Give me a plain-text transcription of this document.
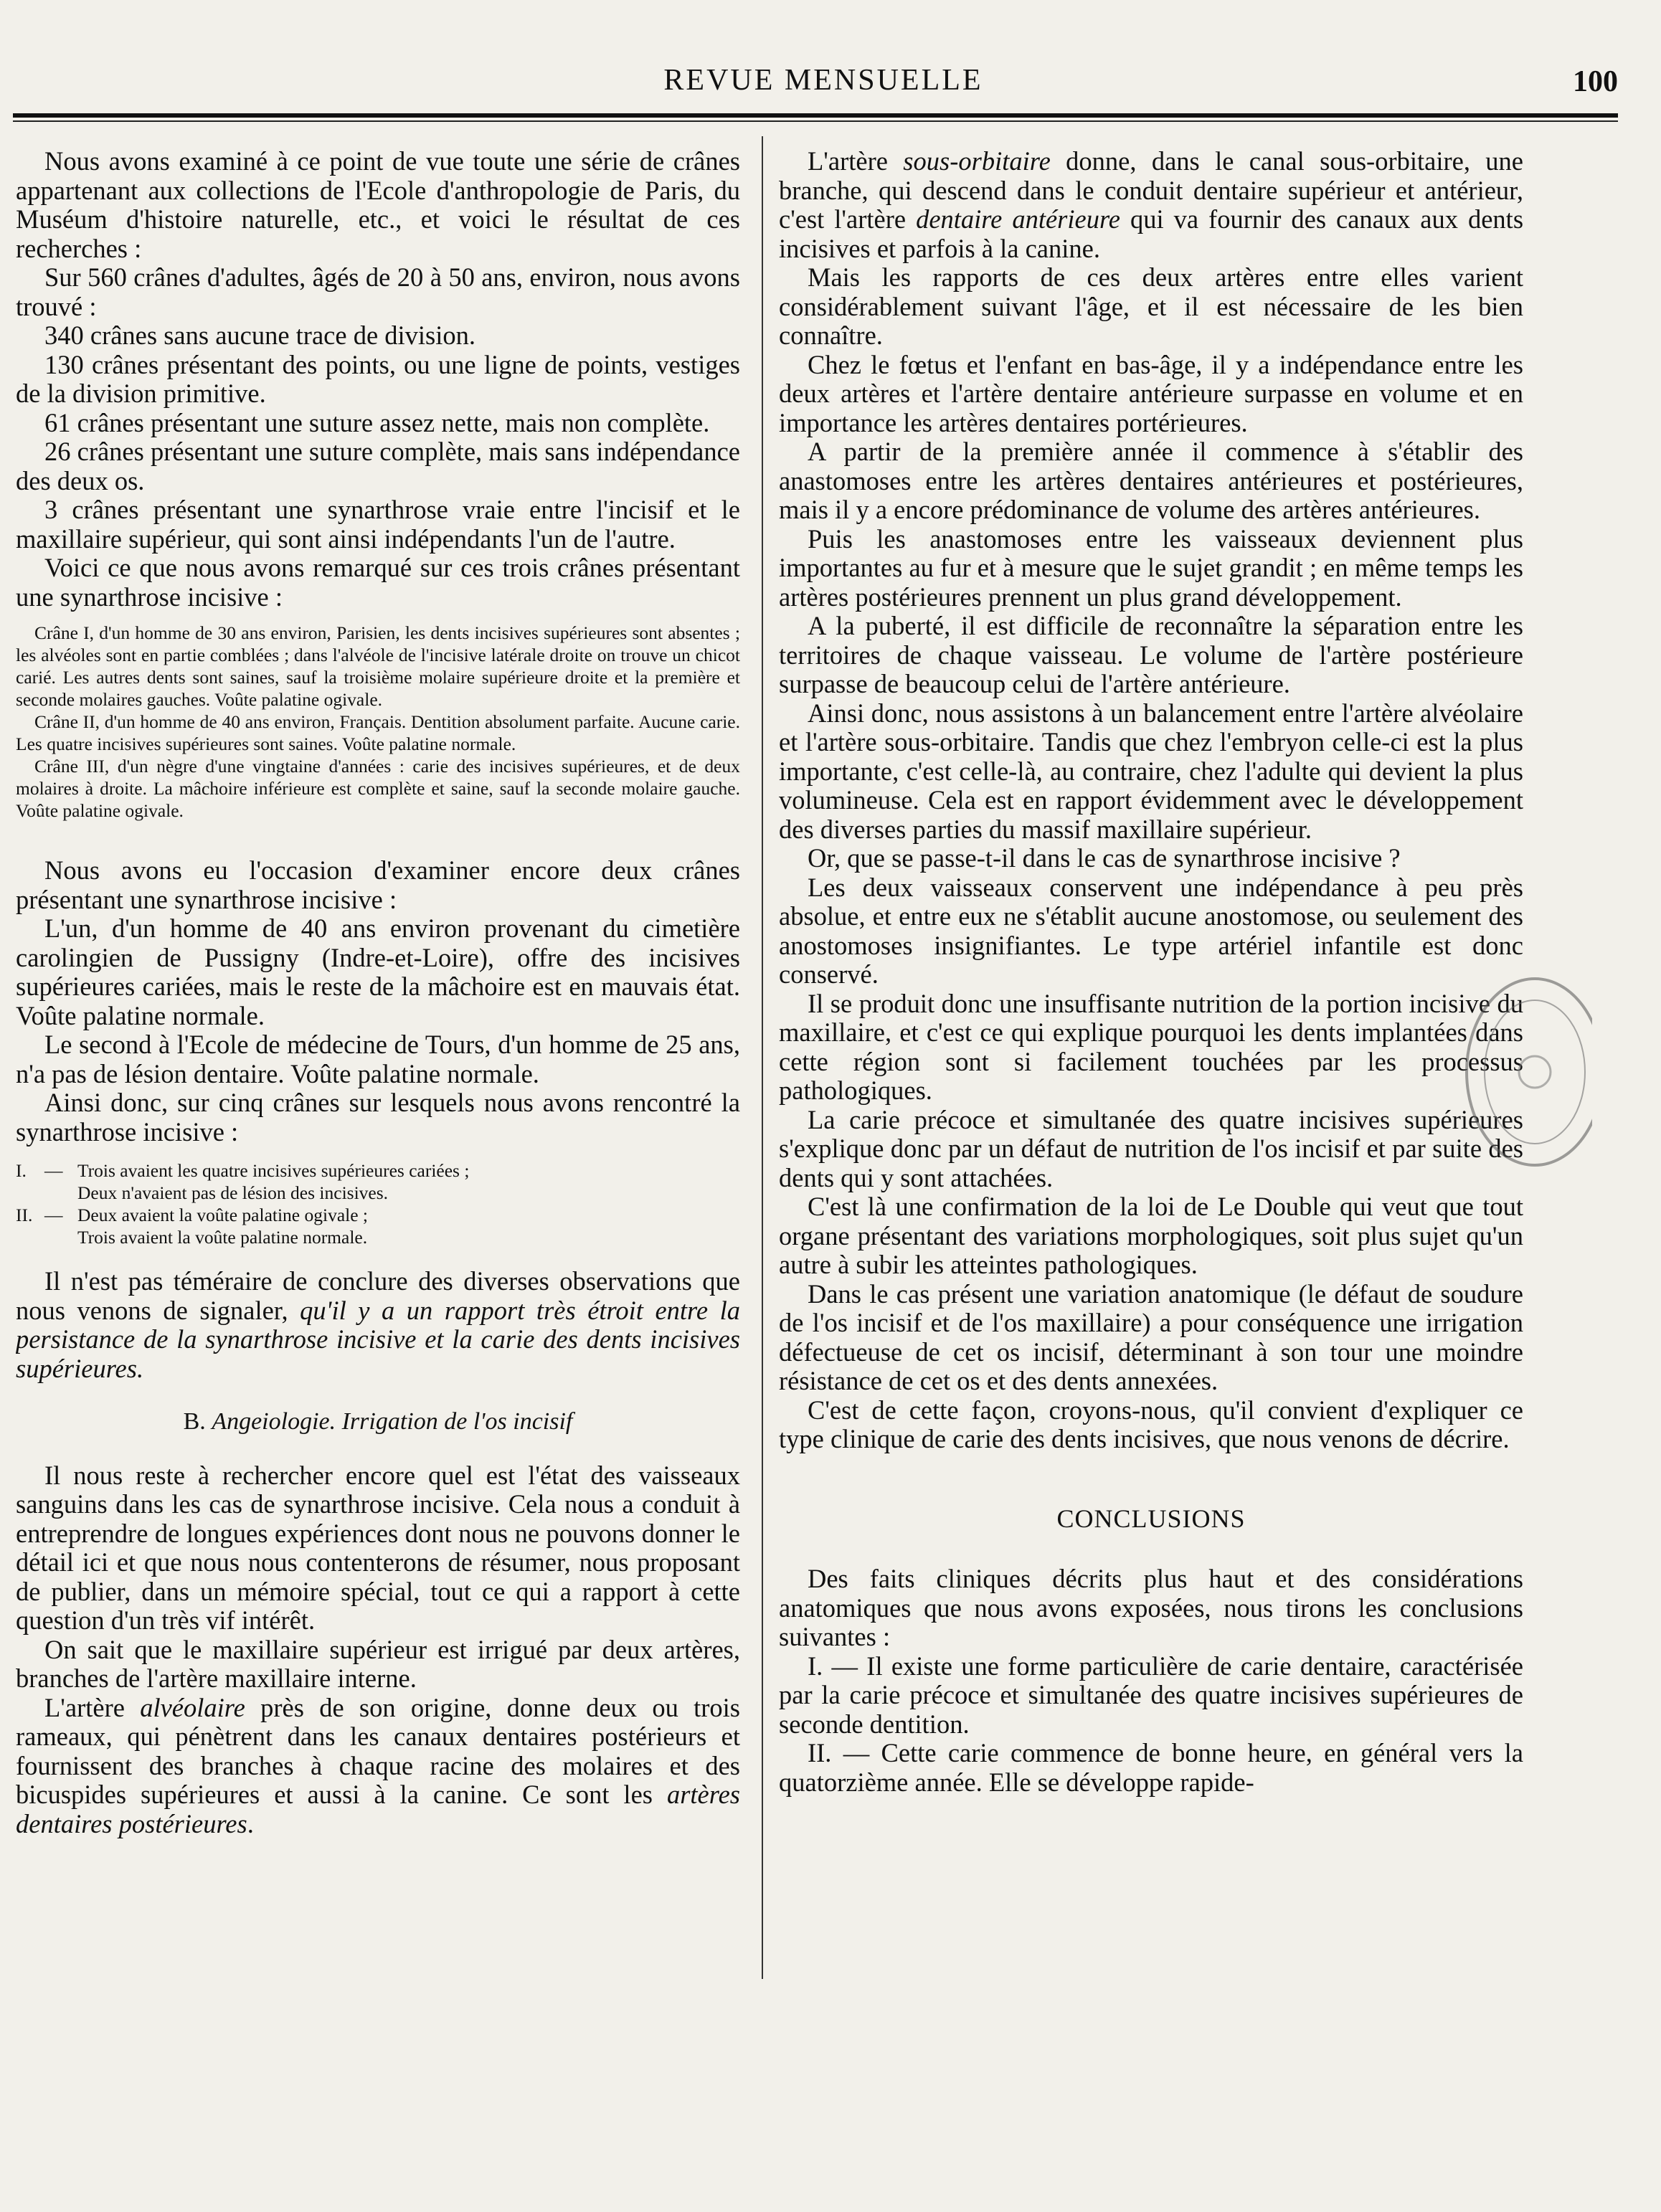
REVUE MENSUELLE	100

Nous avons examiné à ce point de vue toute une série de crânes appartenant aux collections de l'Ecole d'anthropologie de Paris, du Muséum d'histoire naturelle, etc., et voici le résultat de ces recherches :

Sur 560 crânes d'adultes, âgés de 20 à 50 ans, environ, nous avons trouvé :

340 crânes sans aucune trace de division.

130 crânes présentant des points, ou une ligne de points, vestiges de la division primitive.

61 crânes présentant une suture assez nette, mais non complète.

26 crânes présentant une suture complète, mais sans indépendance des deux os.

3 crânes présentant une synarthrose vraie entre l'incisif et le maxillaire supérieur, qui sont ainsi indépendants l'un de l'autre.

Voici ce que nous avons remarqué sur ces trois crânes présentant une synarthrose incisive :

Crâne I, d'un homme de 30 ans environ, Parisien, les dents incisives supérieures sont absentes ; les alvéoles sont en partie comblées ; dans l'alvéole de l'incisive latérale droite on trouve un chicot carié. Les autres dents sont saines, sauf la troisième molaire supérieure droite et la première et seconde molaires gauches. Voûte palatine ogivale.

Crâne II, d'un homme de 40 ans environ, Français. Dentition absolument parfaite. Aucune carie. Les quatre incisives supérieures sont saines. Voûte palatine normale.

Crâne III, d'un nègre d'une vingtaine d'années : carie des incisives supérieures, et de deux molaires à droite. La mâchoire inférieure est complète et saine, sauf la seconde molaire gauche. Voûte palatine ogivale.

Nous avons eu l'occasion d'examiner encore deux crânes présentant une synarthrose incisive :

L'un, d'un homme de 40 ans environ provenant du cimetière carolingien de Pussigny (Indre-et-Loire), offre des incisives supérieures cariées, mais le reste de la mâchoire est en mauvais état. Voûte palatine normale.

Le second à l'Ecole de médecine de Tours, d'un homme de 25 ans, n'a pas de lésion dentaire. Voûte palatine normale.

Ainsi donc, sur cinq crânes sur lesquels nous avons rencontré la synarthrose incisive :

I. — Trois avaient les quatre incisives supérieures cariées ;
Deux n'avaient pas de lésion des incisives.
II. — Deux avaient la voûte palatine ogivale ;
Trois avaient la voûte palatine normale.

Il n'est pas téméraire de conclure des diverses observations que nous venons de signaler, qu'il y a un rapport très étroit entre la persistance de la synarthrose incisive et la carie des dents incisives supérieures.

B. Angeiologie. Irrigation de l'os incisif

Il nous reste à rechercher encore quel est l'état des vaisseaux sanguins dans les cas de synarthrose incisive. Cela nous a conduit à entreprendre de longues expériences dont nous ne pouvons donner le détail ici et que nous nous contenterons de résumer, nous proposant de publier, dans un mémoire spécial, tout ce qui a rapport à cette question d'un très vif intérêt.

On sait que le maxillaire supérieur est irrigué par deux artères, branches de l'artère maxillaire interne.

L'artère alvéolaire près de son origine, donne deux ou trois rameaux, qui pénètrent dans les canaux dentaires postérieurs et fournissent des branches à chaque racine des molaires et des bicuspides supérieures et aussi à la canine. Ce sont les artères dentaires postérieures.

L'artère sous-orbitaire donne, dans le canal sous-orbitaire, une branche, qui descend dans le conduit dentaire supérieur et antérieur, c'est l'artère dentaire antérieure qui va fournir des canaux aux dents incisives et parfois à la canine.

Mais les rapports de ces deux artères entre elles varient considérablement suivant l'âge, et il est nécessaire de les bien connaître.

Chez le fœtus et l'enfant en bas-âge, il y a indépendance entre les deux artères et l'artère dentaire antérieure surpasse en volume et en importance les artères dentaires portérieures.

A partir de la première année il commence à s'établir des anastomoses entre les artères dentaires antérieures et postérieures, mais il y a encore prédominance de volume des artères antérieures.

Puis les anastomoses entre les vaisseaux deviennent plus importantes au fur et à mesure que le sujet grandit ; en même temps les artères postérieures prennent un plus grand développement.

A la puberté, il est difficile de reconnaître la séparation entre les territoires de chaque vaisseau. Le volume de l'artère postérieure surpasse de beaucoup celui de l'artère antérieure.

Ainsi donc, nous assistons à un balancement entre l'artère alvéolaire et l'artère sous-orbitaire. Tandis que chez l'embryon celle-ci est la plus importante, c'est celle-là, au contraire, chez l'adulte qui devient la plus volumineuse. Cela est en rapport évidemment avec le développement des diverses parties du massif maxillaire supérieur.

Or, que se passe-t-il dans le cas de synarthrose incisive ?

Les deux vaisseaux conservent une indépendance à peu près absolue, et entre eux ne s'établit aucune anostomose, ou seulement des anostomoses insignifiantes. Le type artériel infantile est donc conservé.

Il se produit donc une insuffisante nutrition de la portion incisive du maxillaire, et c'est ce qui explique pourquoi les dents implantées dans cette région sont si facilement touchées par les processus pathologiques.

La carie précoce et simultanée des quatre incisives supérieures s'explique donc par un défaut de nutrition de l'os incisif et par suite des dents qui y sont attachées.

C'est là une confirmation de la loi de Le Double qui veut que tout organe présentant des variations morphologiques, soit plus sujet qu'un autre à subir les atteintes pathologiques.

Dans le cas présent une variation anatomique (le défaut de soudure de l'os incisif et de l'os maxillaire) a pour conséquence une irrigation défectueuse de cet os incisif, déterminant à son tour une moindre résistance de cet os et des dents annexées.

C'est de cette façon, croyons-nous, qu'il convient d'expliquer ce type clinique de carie des dents incisives, que nous venons de décrire.

CONCLUSIONS

Des faits cliniques décrits plus haut et des considérations anatomiques que nous avons exposées, nous tirons les conclusions suivantes :

I. — Il existe une forme particulière de carie dentaire, caractérisée par la carie précoce et simultanée des quatre incisives supérieures de seconde dentition.

II. — Cette carie commence de bonne heure, en général vers la quatorzième année. Elle se développe rapide-
